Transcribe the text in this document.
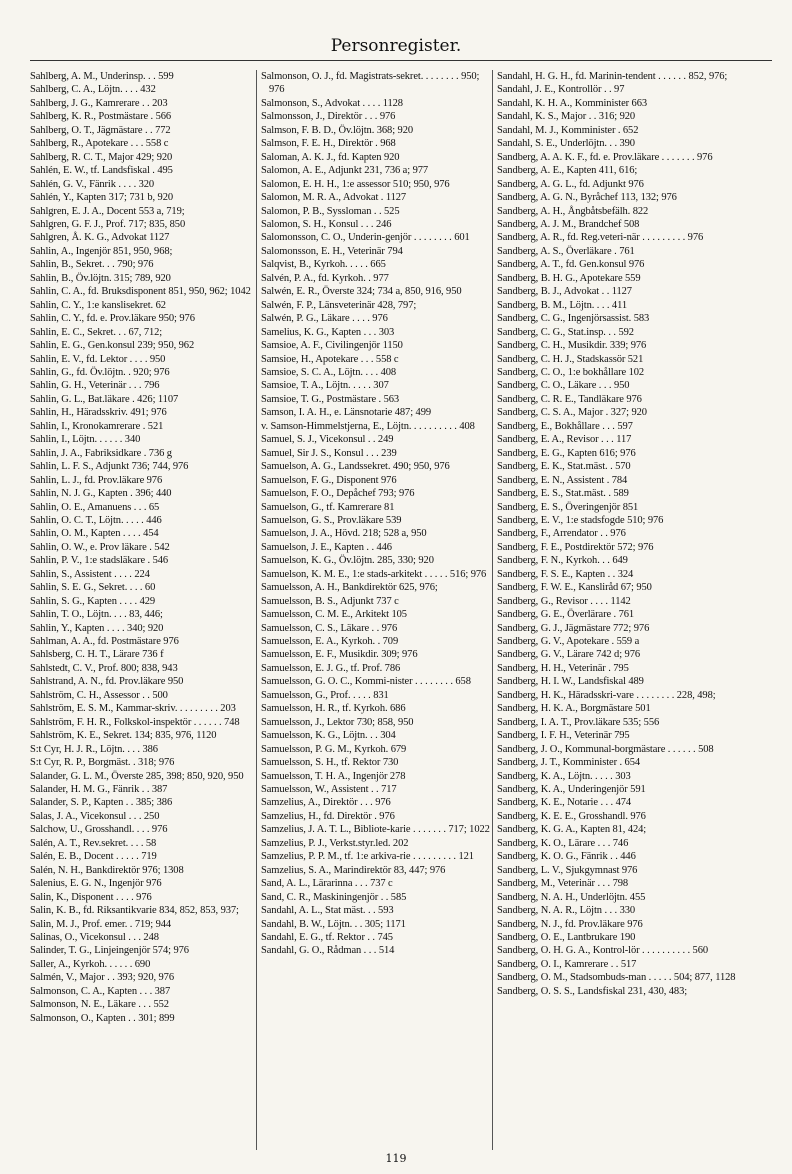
Personregister.
Sahlberg, A. M., Underinsp. . . 599
Sahlberg, C. A., Löjtn. . . . 432
Sahlberg, J. G., Kamrerare . . 203
Sahlberg, K. R., Postmästare . 566
Sahlberg, O. T., Jägmästare . . 772
Sahlberg, R., Apotekare . . . 558 c
Sahlberg, R. C. T., Major 429; 920
Sahlén, E. W., tf. Landsfiskal . 495
Sahlén, G. V., Fänrik . . . . 320
Sahlén, Y., Kapten 317; 731 b, 920
Sahlgren, E. J. A., Docent 553 a, 719;
Sahlgren, G. F. J., Prof. 717; 835, 850
Sahlgren, Å. K. G., Advokat 1127
Sahlin, A., Ingenjör 851, 950, 968;
Sahlin, B., Sekret. . . 790; 976
Sahlin, B., Öv.löjtn. 315; 789, 920
Sahlin, C. A., fd. Bruksdisponent 851, 950, 962; 1042
Sahlin, C. Y., 1:e kanslisekret. 62
Sahlin, C. Y., fd. e. Prov.läkare 950; 976
Sahlin, E. C., Sekret. . . 67, 712;
Sahlin, E. G., Gen.konsul 239; 950, 962
Sahlin, E. V., fd. Lektor . . . . 950
Sahlin, G., fd. Öv.löjtn. . 920; 976
Sahlin, G. H., Veterinär . . . 796
Sahlin, G. L., Bat.läkare . 426; 1107
Sahlin, H., Häradsskriv. 491; 976
Sahlin, I., Kronokamrerare . 521
Sahlin, I., Löjtn. . . . . . 340
Sahlin, J. A., Fabriksidkare . 736 g
Sahlin, L. F. S., Adjunkt 736; 744, 976
Sahlin, L. J., fd. Prov.läkare 976
Sahlin, N. J. G., Kapten . 396; 440
Sahlin, O. E., Amanuens . . . 65
Sahlin, O. C. T., Löjtn. . . . . 446
Sahlin, O. M., Kapten . . . . 454
Sahlin, O. W., e. Prov läkare . 542
Sahlin, P. V., 1:e stadsläkare . 546
Sahlin, S., Assistent . . . . 224
Sahlin, S. E. G., Sekret. . . . 60
Sahlin, S. G., Kapten . . . . 429
Sahlin, T. O., Löjtn. . . . 83, 446;
Sahlin, Y., Kapten . . . . 340; 920
Sahlman, A. A., fd. Postmästare 976
Sahlsberg, C. H. T., Lärare 736 f
Sahlstedt, C. V., Prof. 800; 838, 943
Sahlstrand, A. N., fd. Prov.läkare 950
Sahlström, C. H., Assessor . . 500
Sahlström, E. S. M., Kammar-skriv. . . . . . . . . 203
Sahlström, F. H. R., Folkskol-inspektör . . . . . . 748
Sahlström, K. E., Sekret. 134; 835, 976, 1120
S:t Cyr, H. J. R., Löjtn. . . . 386
S:t Cyr, R. P., Borgmäst. . 318; 976
Salander, G. L. M., Överste 285, 398; 850, 920, 950
Salander, H. M. G., Fänrik . . 387
Salander, S. P., Kapten . . 385; 386
Salas, J. A., Vicekonsul . . . 250
Salchow, U., Grosshandl. . . . 976
Salén, A. T., Rev.sekret. . . . 58
Salén, E. B., Docent . . . . . 719
Salén, N. H., Bankdirektör 976; 1308
Salenius, E. G. N., Ingenjör 976
Salin, K., Disponent . . . . 976
Salin, K. B., fd. Riksantikvarie 834, 852, 853, 937;
Salin, M. J., Prof. emer. . 719; 944
Salinas, O., Vicekonsul . . . 248
Salinder, T. G., Linjeingenjör 574; 976
Saller, A., Kyrkoh. . . . . . 690
Salmén, V., Major . . 393; 920, 976
Salmonson, C. A., Kapten . . . 387
Salmonson, N. E., Läkare . . . 552
Salmonson, O., Kapten . . 301; 899
Salmonson, O. J., fd. Magistrats-sekret. . . . . . . . 950; 976
Salmonson, S., Advokat . . . . 1128
Salmonsson, J., Direktör . . . 976
Salmson, F. B. D., Öv.löjtn. 368; 920
Salmson, F. E. H., Direktör . 968
Saloman, A. K. J., fd. Kapten 920
Salomon, A. E., Adjunkt 231, 736 a; 977
Salomon, E. H. H., 1:e assessor 510; 950, 976
Salomon, M. R. A., Advokat . 1127
Salomon, P. B., Syssloman . . 525
Salomon, S. H., Konsul . . . 246
Salomonsson, C. O., Underin-genjör . . . . . . . . 601
Salomonsson, E. H., Veterinär 794
Salqvist, B., Kyrkoh. . . . . 665
Salvén, P. A., fd. Kyrkoh. . 977
Salwén, E. R., Överste 324; 734 a, 850, 916, 950
Salwén, F. P., Länsveterinär 428, 797;
Salwén, P. G., Läkare . . . . 976
Samelius, K. G., Kapten . . . 303
Samsioe, A. F., Civilingenjör 1150
Samsioe, H., Apotekare . . . 558 c
Samsioe, S. C. A., Löjtn. . . . 408
Samsioe, T. A., Löjtn. . . . . 307
Samsioe, T. G., Postmästare . 563
Samson, I. A. H., e. Länsnotarie 487; 499
v. Samson-Himmelstjerna, E., Löjtn. . . . . . . . . . 408
Samuel, S. J., Vicekonsul . . 249
Samuel, Sir J. S., Konsul . . . 239
Samuelson, A. G., Landssekret. 490; 950, 976
Samuelson, F. G., Disponent 976
Samuelson, F. O., Depåchef 793; 976
Samuelson, G., tf. Kamrerare 81
Samuelson, G. S., Prov.läkare 539
Samuelson, J. A., Hövd. 218; 528 a, 950
Samuelson, J. E., Kapten . . 446
Samuelson, K. G., Öv.löjtn. 285, 330; 920
Samuelson, K. M. E., 1:e stads-arkitekt . . . . . 516; 976
Samuelsson, A. H., Bankdirektör 625, 976;
Samuelsson, B. S., Adjunkt 737 c
Samuelsson, C. M. E., Arkitekt 105
Samuelsson, C. S., Läkare . . 976
Samuelsson, E. A., Kyrkoh. . 709
Samuelsson, E. F., Musikdir. 309; 976
Samuelsson, E. J. G., tf. Prof. 786
Samuelsson, G. O. C., Kommi-nister . . . . . . . . 658
Samuelsson, G., Prof. . . . . 831
Samuelsson, H. R., tf. Kyrkoh. 686
Samuelsson, J., Lektor 730; 858, 950
Samuelsson, K. G., Löjtn. . . 304
Samuelsson, P. G. M., Kyrkoh. 679
Samuelsson, S. H., tf. Rektor 730
Samuelsson, T. H. A., Ingenjör 278
Samuelsson, W., Assistent . . 717
Samzelius, A., Direktör . . . 976
Samzelius, H., fd. Direktör . 976
Samzelius, J. A. T. L., Bibliote-karie . . . . . . . 717; 1022
Samzelius, P. J., Verkst.styr.led. 202
Samzelius, P. P. M., tf. 1:e arkiva-rie . . . . . . . . . 121
Samzelius, S. A., Marindirektör 83, 447; 976
Sand, A. L., Lärarinna . . . 737 c
Sand, C. R., Maskiningenjör . . 585
Sandahl, A. L., Stat mäst. . . 593
Sandahl, B. W., Löjtn. . . 305; 1171
Sandahl, E. G., tf. Rektor . . 745
Sandahl, G. O., Rådman . . . 514
Sandahl, H. G. H., fd. Marinin-tendent . . . . . . 852, 976;
Sandahl, J. E., Kontrollör . . 97
Sandahl, K. H. A., Komminister 663
Sandahl, K. S., Major . . 316; 920
Sandahl, M. J., Komminister . 652
Sandahl, S. E., Underlöjtn. . . 390
Sandberg, A. A. K. F., fd. e. Prov.läkare . . . . . . . 976
Sandberg, A. E., Kapten 411, 616;
Sandberg, A. G. L., fd. Adjunkt 976
Sandberg, A. G. N., Byråchef 113, 132; 976
Sandberg, A. H., Ångbåtsbefälh. 822
Sandberg, A. J. M., Brandchef 508
Sandberg, A. R., fd. Reg.veteri-när . . . . . . . . . 976
Sandberg, A. S., Överläkare . 761
Sandberg, A. T., fd. Gen.konsul 976
Sandberg, B. H. G., Apotekare 559
Sandberg, B. J., Advokat . . 1127
Sandberg, B. M., Löjtn. . . . 411
Sandberg, C. G., Ingenjörsassist. 583
Sandberg, C. G., Stat.insp. . . 592
Sandberg, C. H., Musikdir. 339; 976
Sandberg, C. H. J., Stadskassör 521
Sandberg, C. O., 1:e bokhållare 102
Sandberg, C. O., Läkare . . . 950
Sandberg, C. R. E., Tandläkare 976
Sandberg, C. S. A., Major . 327; 920
Sandberg, E., Bokhållare . . . 597
Sandberg, E. A., Revisor . . . 117
Sandberg, E. G., Kapten 616; 976
Sandberg, E. K., Stat.mäst. . 570
Sandberg, E. N., Assistent . 784
Sandberg, E. S., Stat.mäst. . 589
Sandberg, E. S., Överingenjör 851
Sandberg, E. V., 1:e stadsfogde 510; 976
Sandberg, F., Arrendator . . 976
Sandberg, F. E., Postdirektör 572; 976
Sandberg, F. N., Kyrkoh. . . 649
Sandberg, F. S. E., Kapten . . 324
Sandberg, F. W. E., Kansliråd 67; 950
Sandberg, G., Revisor . . . . 1142
Sandberg, G. E., Överlärare . 761
Sandberg, G. J., Jägmästare 772; 976
Sandberg, G. V., Apotekare . 559 a
Sandberg, G. V., Lärare 742 d; 976
Sandberg, H. H., Veterinär . 795
Sandberg, H. I. W., Landsfiskal 489
Sandberg, H. K., Häradsskri-vare . . . . . . . . 228, 498;
Sandberg, H. K. A., Borgmästare 501
Sandberg, I. A. T., Prov.läkare 535; 556
Sandberg, I. F. H., Veterinär 795
Sandberg, J. O., Kommunal-borgmästare . . . . . . 508
Sandberg, J. T., Komminister . 654
Sandberg, K. A., Löjtn. . . . . 303
Sandberg, K. A., Underingenjör 591
Sandberg, K. E., Notarie . . . 474
Sandberg, K. E. E., Grosshandl. 976
Sandberg, K. G. A., Kapten 81, 424;
Sandberg, K. O., Lärare . . . 746
Sandberg, K. O. G., Fänrik . . 446
Sandberg, L. V., Sjukgymnast 976
Sandberg, M., Veterinär . . . 798
Sandberg, N. A. H., Underlöjtn. 455
Sandberg, N. A. R., Löjtn . . . 330
Sandberg, N. J., fd. Prov.läkare 976
Sandberg, O. E., Lantbrukare 190
Sandberg, O. H. G. A., Kontrol-lör . . . . . . . . . . 560
Sandberg, O. I., Kamrerare . . 517
Sandberg, O. M., Stadsombuds-man . . . . . 504; 877, 1128
Sandberg, O. S. S., Landsfiskal 231, 430, 483;
119
